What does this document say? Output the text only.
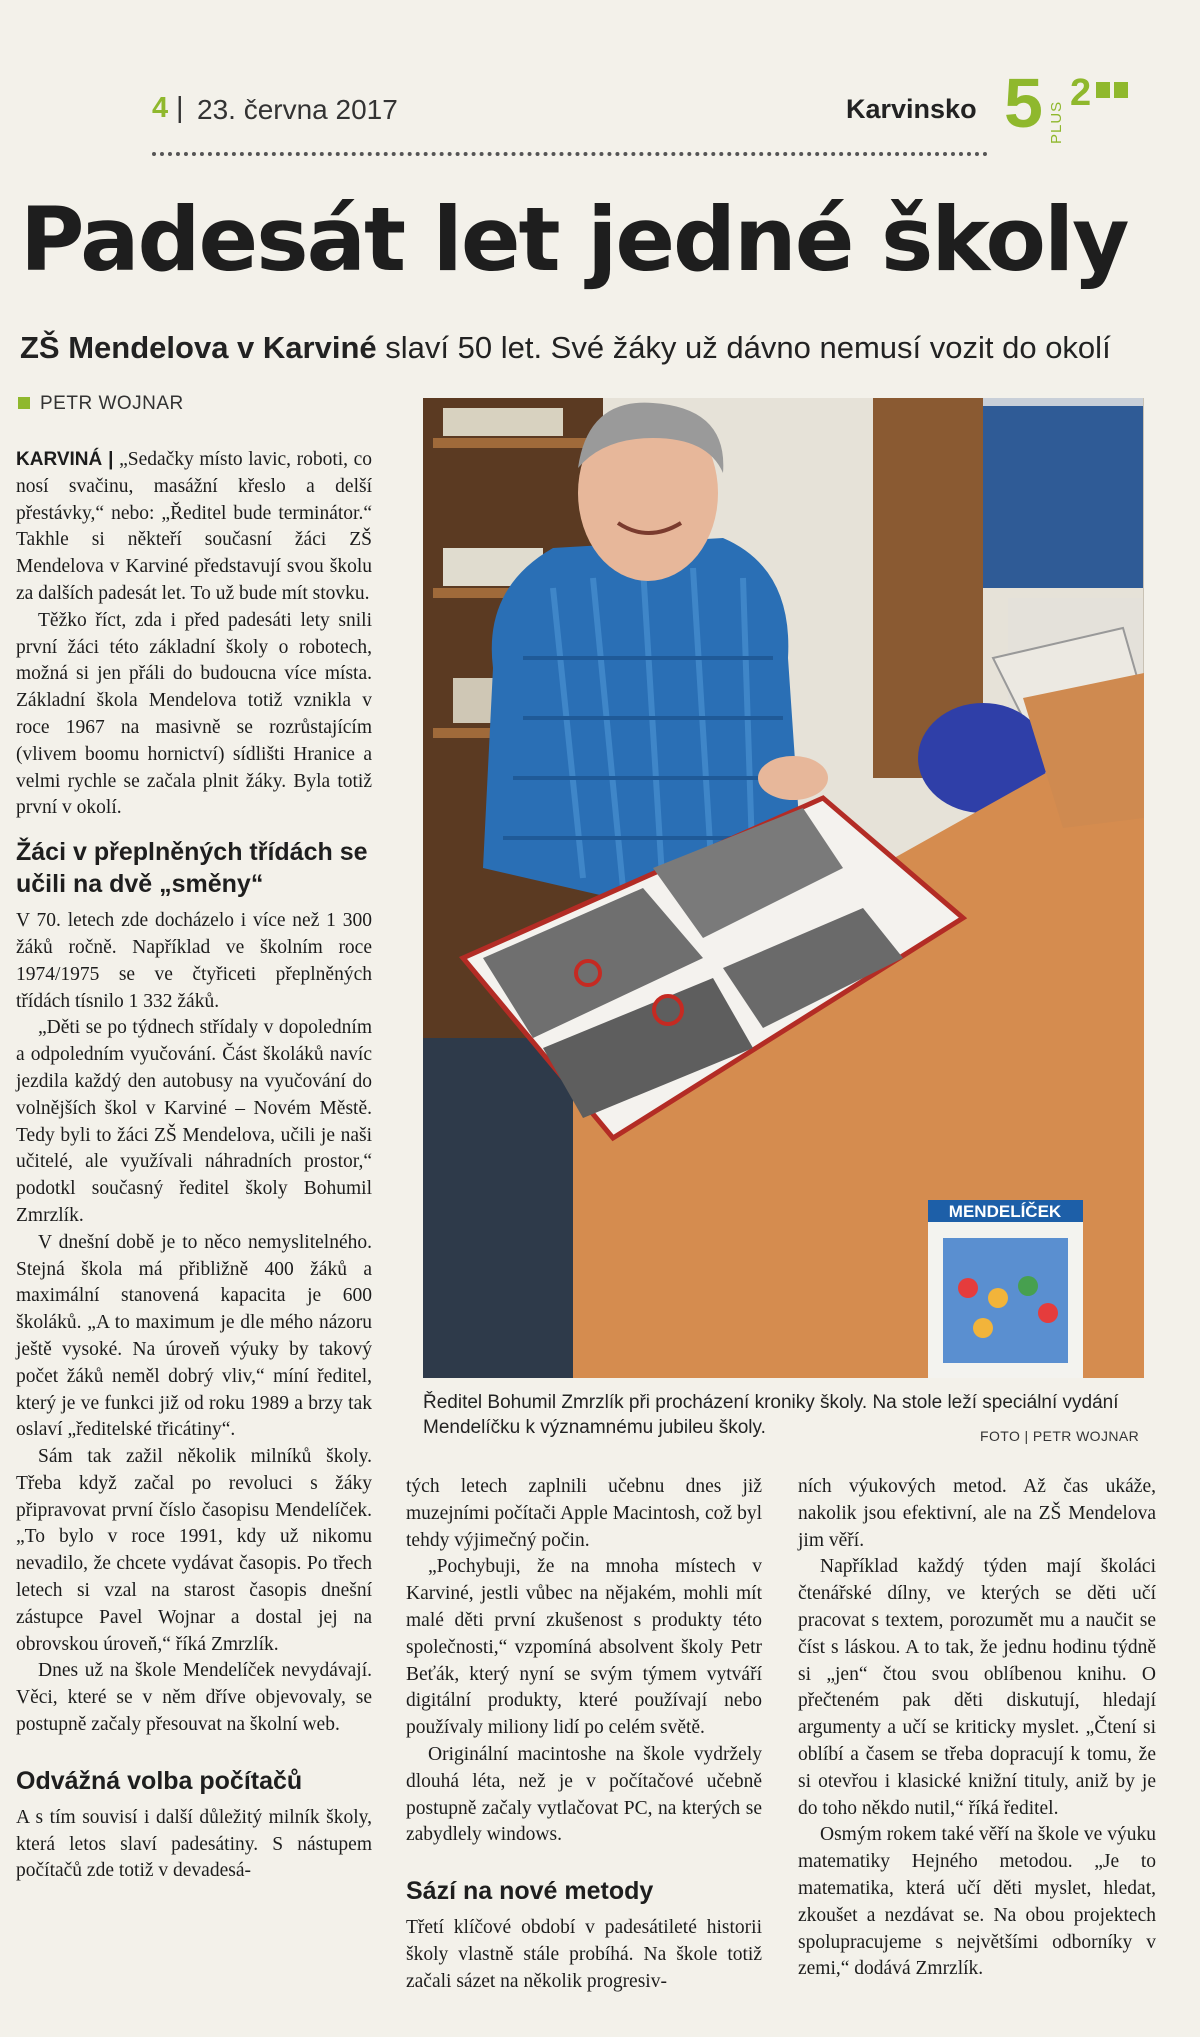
4 | 23. června 2017	Karvinsko 5 PLUS
2
Padesát let jedné školy
ZŠ Mendelova v Karviné slaví 50 let. Své žáky už dávno nemusí vozit do okolí
PETR WOJNAR

KARVINÁ | „Sedačky místo lavic, roboti, co nosí svačinu, masážní křeslo a delší přestávky,“ nebo: „Ředitel bude terminátor.“ Takhle si někteří současní žáci ZŠ Mendelova v Karviné představují svou školu za dalších padesát let. To už bude mít stovku.

Těžko říct, zda i před padesáti lety snili první žáci této základní školy o robotech, možná si jen přáli do budoucna více místa. Základní škola Mendelova totiž vznikla v roce 1967 na masivně se rozrůstajícím (vlivem boomu hornictví) sídlišti Hranice a velmi rychle se začala plnit žáky. Byla totiž první v okolí.

Žáci v přeplněných třídách se učili na dvě „směny“

V 70. letech zde docházelo i více než 1 300 žáků ročně. Například ve školním roce 1974/1975 se ve čtyřiceti přeplněných třídách tísnilo 1 332 žáků.

„Děti se po týdnech střídaly v dopoledním a odpoledním vyučování. Část školáků navíc jezdila každý den autobusy na vyučování do volnějších škol v Karviné – Novém Městě. Tedy byli to žáci ZŠ Mendelova, učili je naši učitelé, ale využívali náhradních prostor,“ podotkl současný ředitel školy Bohumil Zmrzlík.

V dnešní době je to něco nemyslitelného. Stejná škola má přibližně 400 žáků a maximální stanovená kapacita je 600 školáků. „A to maximum je dle mého názoru ještě vysoké. Na úroveň výuky by takový počet žáků neměl dobrý vliv,“ míní ředitel, který je ve funkci již od roku 1989 a brzy tak oslaví „ředitelské třicátiny“.

Sám tak zažil několik milníků školy. Třeba když začal po revoluci s žáky připravovat první číslo časopisu Mendelíček. „To bylo v roce 1991, kdy už nikomu nevadilo, že chcete vydávat časopis. Po třech letech si vzal na starost časopis dnešní zástupce Pavel Wojnar a dostal jej na obrovskou úroveň,“ říká Zmrzlík.

Dnes už na škole Mendelíček nevydávají. Věci, které se v něm dříve objevovaly, se postupně začaly přesouvat na školní web.

Odvážná volba počítačů

A s tím souvisí i další důležitý milník školy, která letos slaví padesátiny. S nástupem počítačů zde totiž v devadesá-

MENDELÍČEK
Ředitel Bohumil Zmrzlík při procházení kroniky školy. Na stole leží speciální vydání Mendelíčku k významnému jubileu školy.	FOTO | PETR WOJNAR

tých letech zaplnili učebnu dnes již muzejními počítači Apple Macintosh, což byl tehdy výjimečný počin.

„Pochybuji, že na mnoha místech v Karviné, jestli vůbec na nějakém, mohli mít malé děti první zkušenost s produkty této společnosti,“ vzpomíná absolvent školy Petr Beťák, který nyní se svým týmem vytváří digitální produkty, které používají nebo používaly miliony lidí po celém světě.

Originální macintoshe na škole vydržely dlouhá léta, než je v počítačové učebně postupně začaly vytlačovat PC, na kterých se zabydlely windows.

Sází na nové metody

Třetí klíčové období v padesátileté historii školy vlastně stále probíhá. Na škole totiž začali sázet na několik progresiv-

ních výukových metod. Až čas ukáže, nakolik jsou efektivní, ale na ZŠ Mendelova jim věří.

Například každý týden mají školáci čtenářské dílny, ve kterých se děti učí pracovat s textem, porozumět mu a naučit se číst s láskou. A to tak, že jednu hodinu týdně si „jen“ čtou svou oblíbenou knihu. O přečteném pak děti diskutují, hledají argumenty a učí se kriticky myslet. „Čtení si oblíbí a časem se třeba dopracují k tomu, že si otevřou i klasické knižní tituly, aniž by je do toho někdo nutil,“ říká ředitel.

Osmým rokem také věří na škole ve výuku matematiky Hejného metodou. „Je to matematika, která učí děti myslet, hledat, zkoušet a nezdávat se. Na obou projektech spolupracujeme s největšími odborníky v zemi,“ dodává Zmrzlík.
